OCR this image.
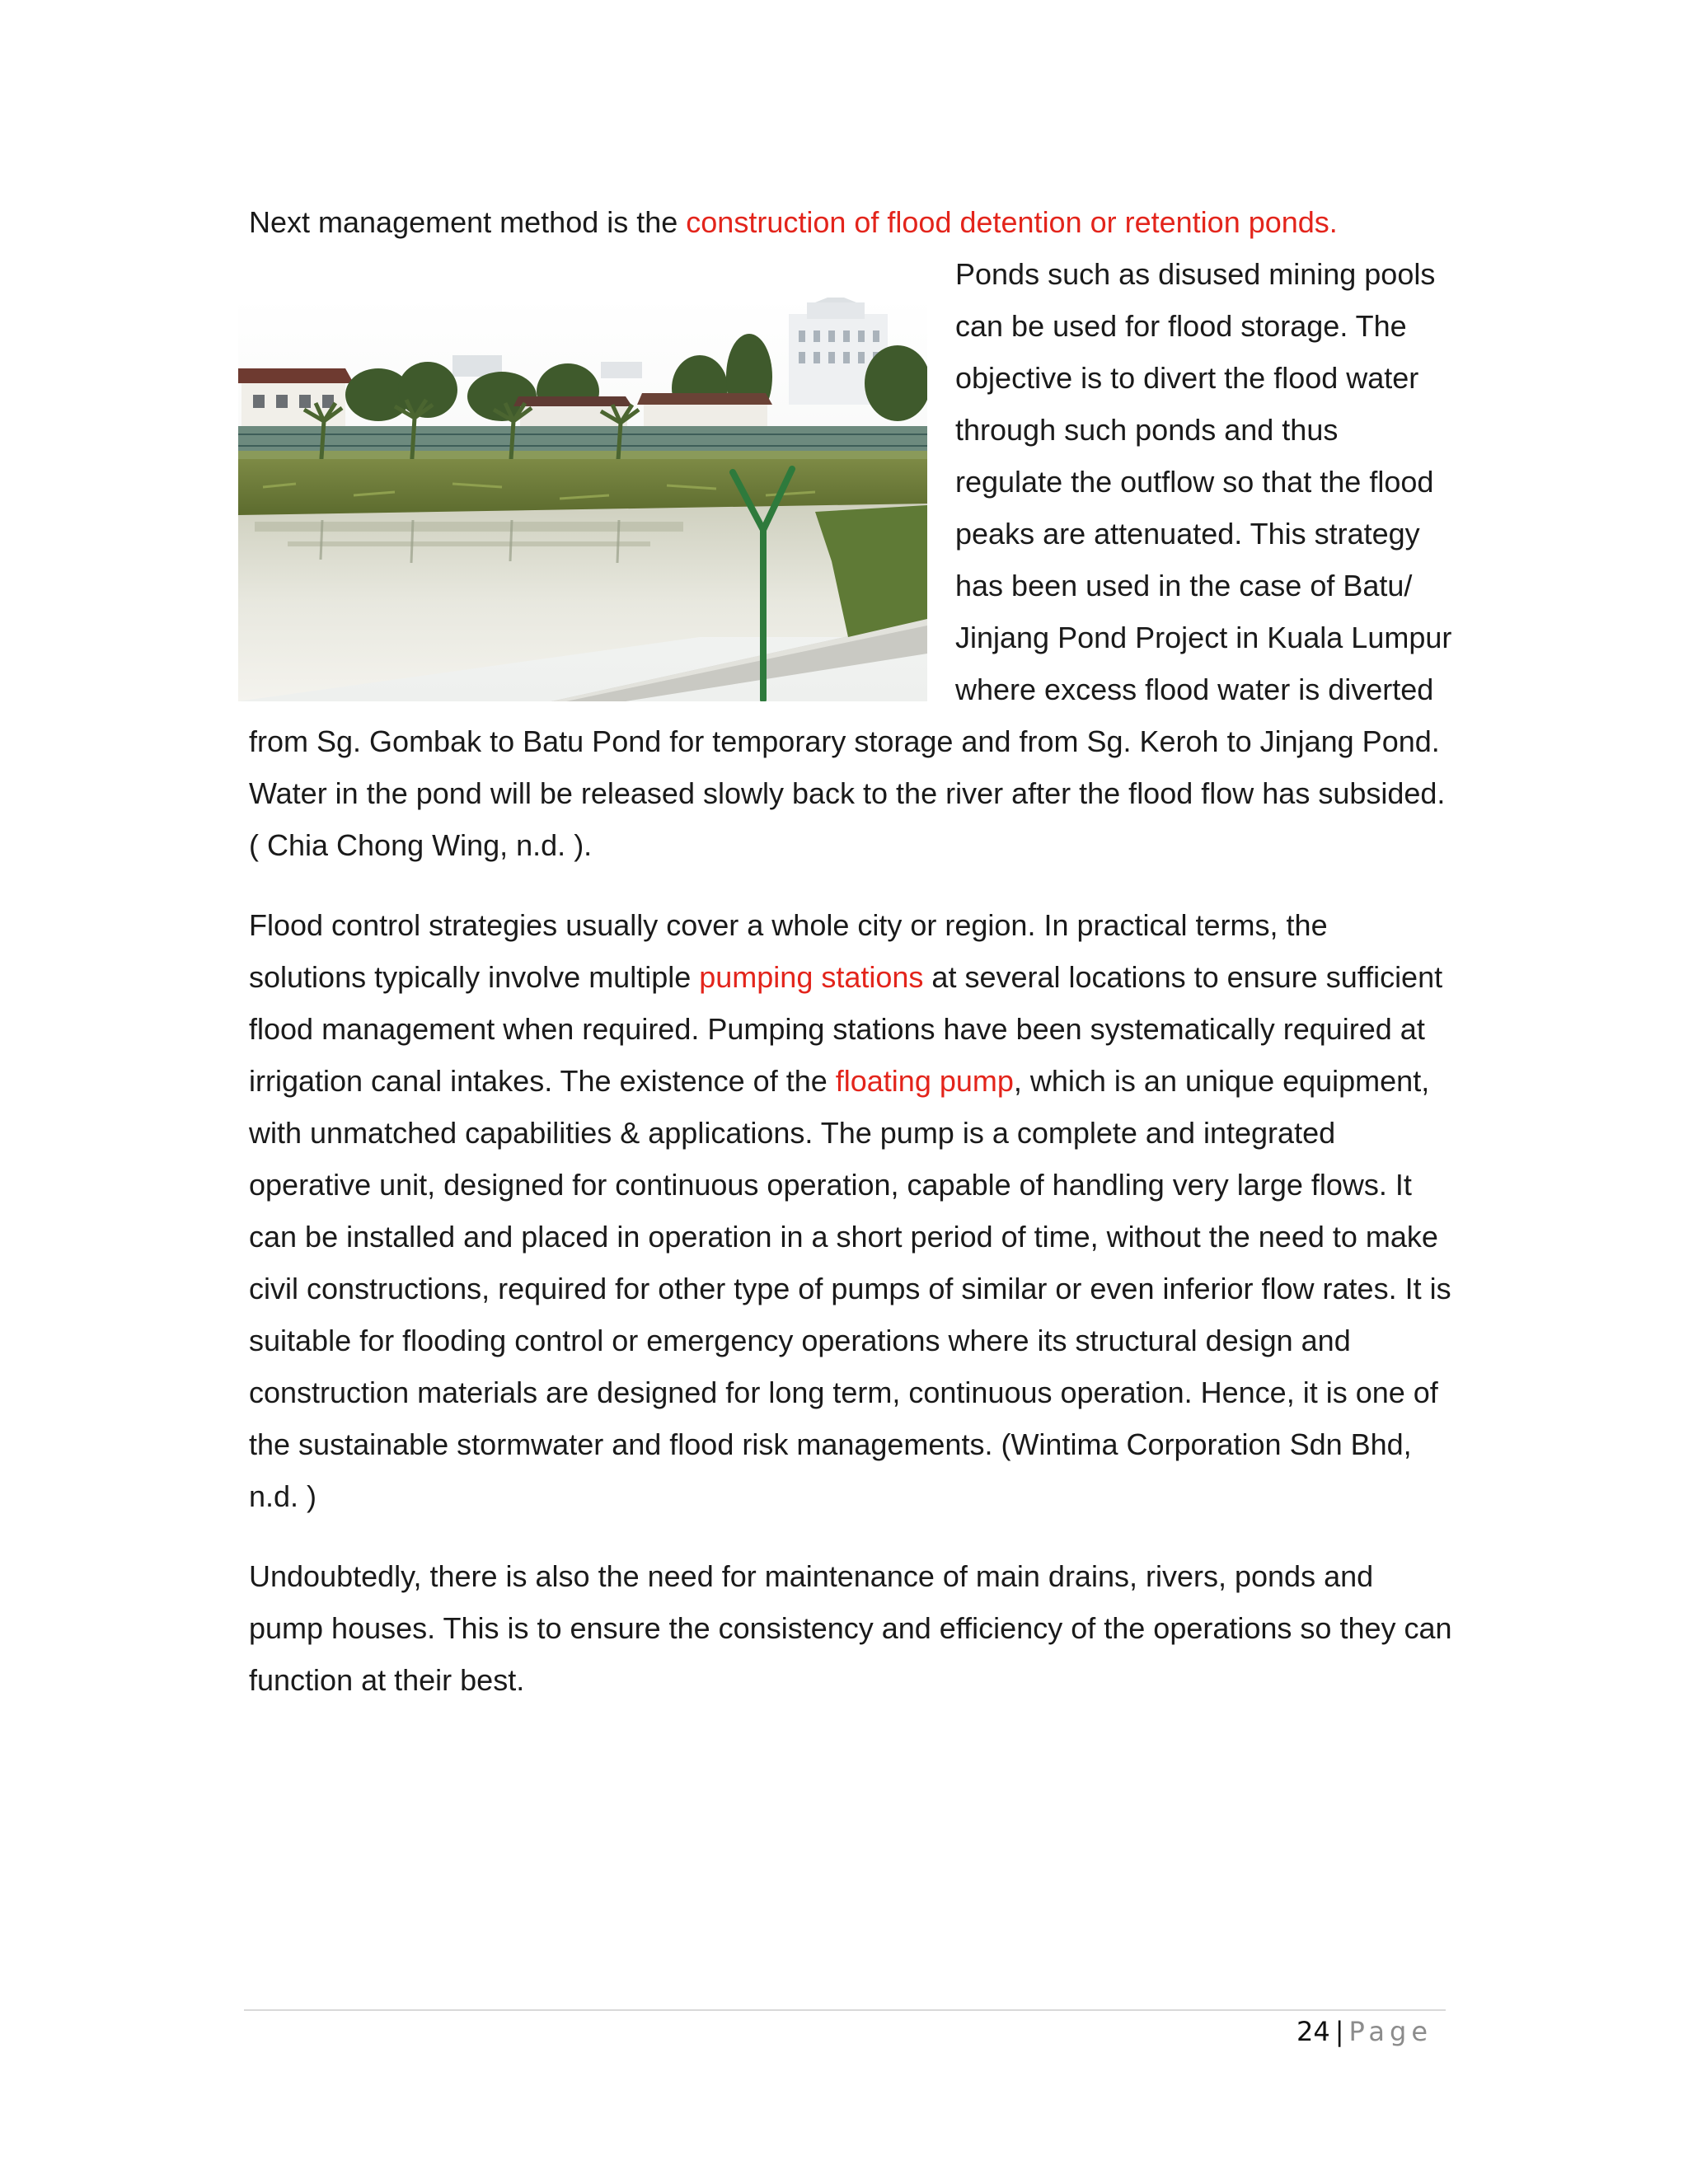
Next management method is the construction of flood detention or retention ponds.

Ponds such as disused mining pools can be used for flood storage. The objective is to divert the flood water through such ponds and thus regulate the outflow so that the flood peaks are attenuated. This strategy has been used in the case of Batu/ Jinjang Pond Project in Kuala Lumpur where excess flood water is diverted from Sg. Gombak to Batu Pond for temporary storage and from Sg. Keroh to Jinjang Pond. Water in the pond will be released slowly back to the river after the flood flow has subsided. ( Chia Chong Wing, n.d. ).

Flood control strategies usually cover a whole city or region. In practical terms, the solutions typically involve multiple pumping stations at several locations to ensure sufficient flood management when required. Pumping stations have been systematically required at irrigation canal intakes. The existence of the floating pump, which is an unique equipment, with unmatched capabilities & applications. The pump is a complete and integrated operative unit, designed for continuous operation, capable of handling very large flows. It can be installed and placed in operation in a short period of time, without the need to make civil constructions, required for other type of pumps of similar or even inferior flow rates. It is suitable for flooding control or emergency operations where its structural design and construction materials are designed for long term, continuous operation. Hence, it is one of the sustainable stormwater and flood risk managements. (Wintima Corporation Sdn Bhd, n.d. )

Undoubtedly, there is also the need for maintenance of main drains, rivers, ponds and pump houses. This is to ensure the consistency and efficiency of the operations so they can function at their best.

24 | Page
